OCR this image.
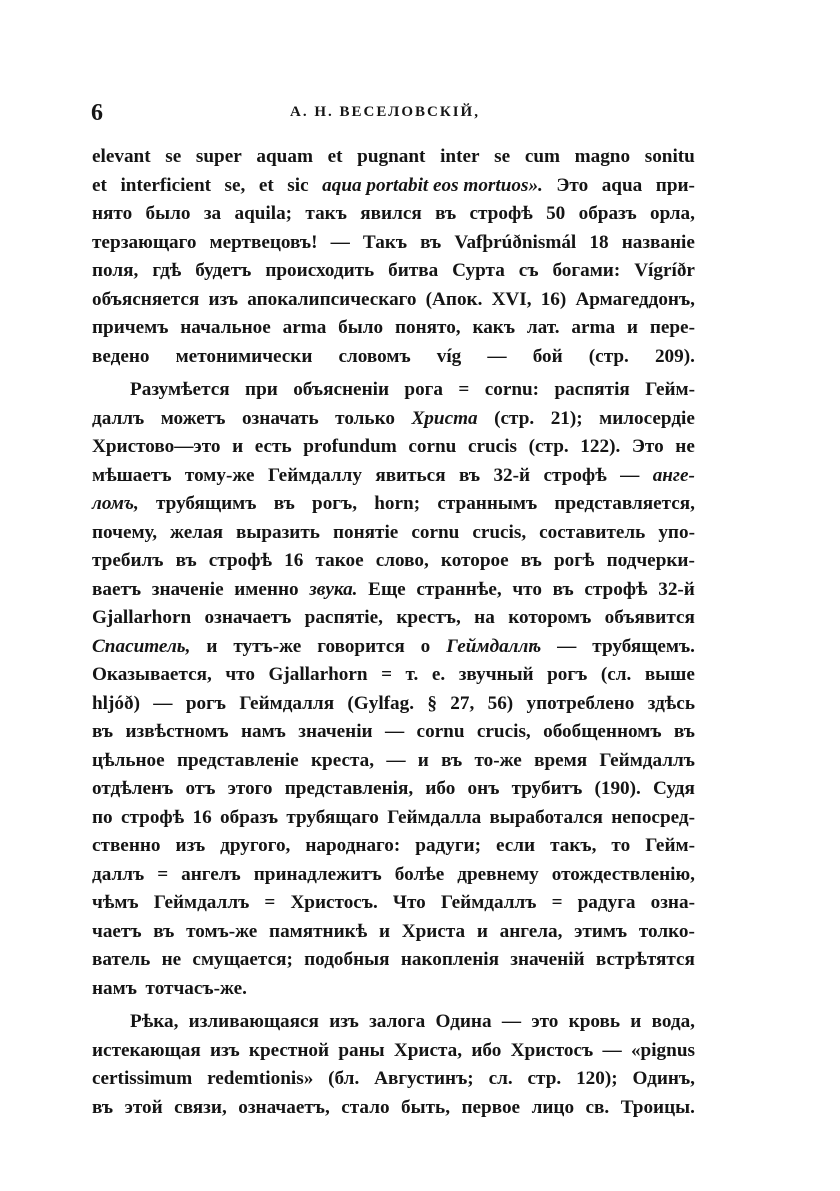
6	А. Н. ВЕСЕЛОВСКІЙ,
elevant se super aquam et pugnant inter se cum magno sonitu
et interficient se, et sic aqua portabit eos mortuos». Это aqua при-
нято было за aquila; такъ явился въ строфѣ 50 образъ орла,
терзающаго мертвецовъ! — Такъ въ Vafþrúðnismál 18 названіе
поля, гдѣ будетъ происходить битва Сурта съ богами: Vígríðr
объясняется изъ апокалипсическаго (Апок. XVI, 16) Армагеддонъ,
причемъ начальное arma было понято, какъ лат. arma и пере-
ведено метонимически словомъ víg — бой (стр. 209).
Разумѣется при объясненіи рога = cornu: распятія Гейм-
даллъ можетъ означать только Христа (стр. 21); милосердіе
Христово—это и есть profundum cornu crucis (стр. 122). Это не
мѣшаетъ тому-же Геймдаллу явиться въ 32-й строфѣ — анге-
ломъ, трубящимъ въ рогъ, horn; страннымъ представляется,
почему, желая выразить понятіе cornu crucis, составитель упо-
требилъ въ строфѣ 16 такое слово, которое въ рогѣ подчерки-
ваетъ значеніе именно звука. Еще страннѣе, что въ строфѣ 32-й
Gjallarhorn означаетъ распятіе, крестъ, на которомъ объявится
Спаситель, и тутъ-же говорится о Геймдаллѣ — трубящемъ.
Оказывается, что Gjallarhorn = т. е. звучный рогъ (сл. выше
hljóð) — рогъ Геймдалля (Gylfag. § 27, 56) употреблено здѣсь
въ извѣстномъ намъ значеніи — cornu crucis, обобщенномъ въ
цѣльное представленіе креста, — и въ то-же время Геймдаллъ
отдѣленъ отъ этого представленія, ибо онъ трубитъ (190). Судя
по строфѣ 16 образъ трубящаго Геймдалла выработался непосред-
ственно изъ другого, народнаго: радуги; если такъ, то Гейм-
даллъ = ангелъ принадлежитъ болѣе древнему отождествленію,
чѣмъ Геймдаллъ = Христосъ. Что Геймдаллъ = радуга озна-
чаетъ въ томъ-же памятникѣ и Христа и ангела, этимъ толко-
ватель не смущается; подобныя накопленія значеній встрѣтятся
намъ тотчасъ-же.
Рѣка, изливающаяся изъ залога Одина — это кровь и вода,
истекающая изъ крестной раны Христа, ибо Христосъ — «pignus
certissimum redemtionis» (бл. Августинъ; сл. стр. 120); Одинъ,
въ этой связи, означаетъ, стало быть, первое лицо св. Троицы.
